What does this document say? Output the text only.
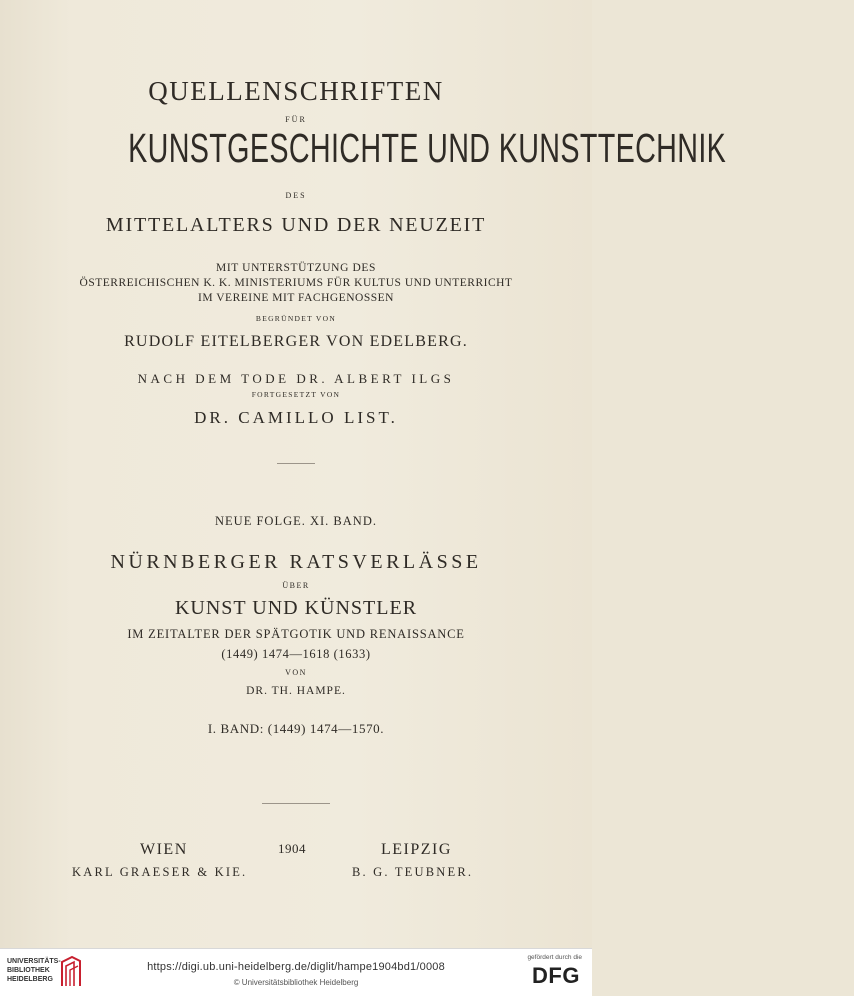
QUELLENSCHRIFTEN
FÜR
KUNSTGESCHICHTE UND KUNSTTECHNIK
DES
MITTELALTERS UND DER NEUZEIT
MIT UNTERSTÜTZUNG DES
ÖSTERREICHISCHEN K. K. MINISTERIUMS FÜR KULTUS UND UNTERRICHT
IM VEREINE MIT FACHGENOSSEN
BEGRÜNDET VON
RUDOLF EITELBERGER VON EDELBERG.
NACH DEM TODE DR. ALBERT ILGS
FORTGESETZT VON
DR. CAMILLO LIST.
NEUE FOLGE. XI. BAND.
NÜRNBERGER RATSVERLÄSSE
ÜBER
KUNST UND KÜNSTLER
IM ZEITALTER DER SPÄTGOTIK UND RENAISSANCE
(1449) 1474—1618 (1633)
VON
DR. TH. HAMPE.
I. BAND: (1449) 1474—1570.
WIEN	1904	LEIPZIG
KARL GRAESER & KIE.	B. G. TEUBNER.
UNIVERSITÄTS-
BIBLIOTHEK
HEIDELBERG
https://digi.ub.uni-heidelberg.de/diglit/hampe1904bd1/0008
© Universitätsbibliothek Heidelberg
gefördert durch die
DFG
